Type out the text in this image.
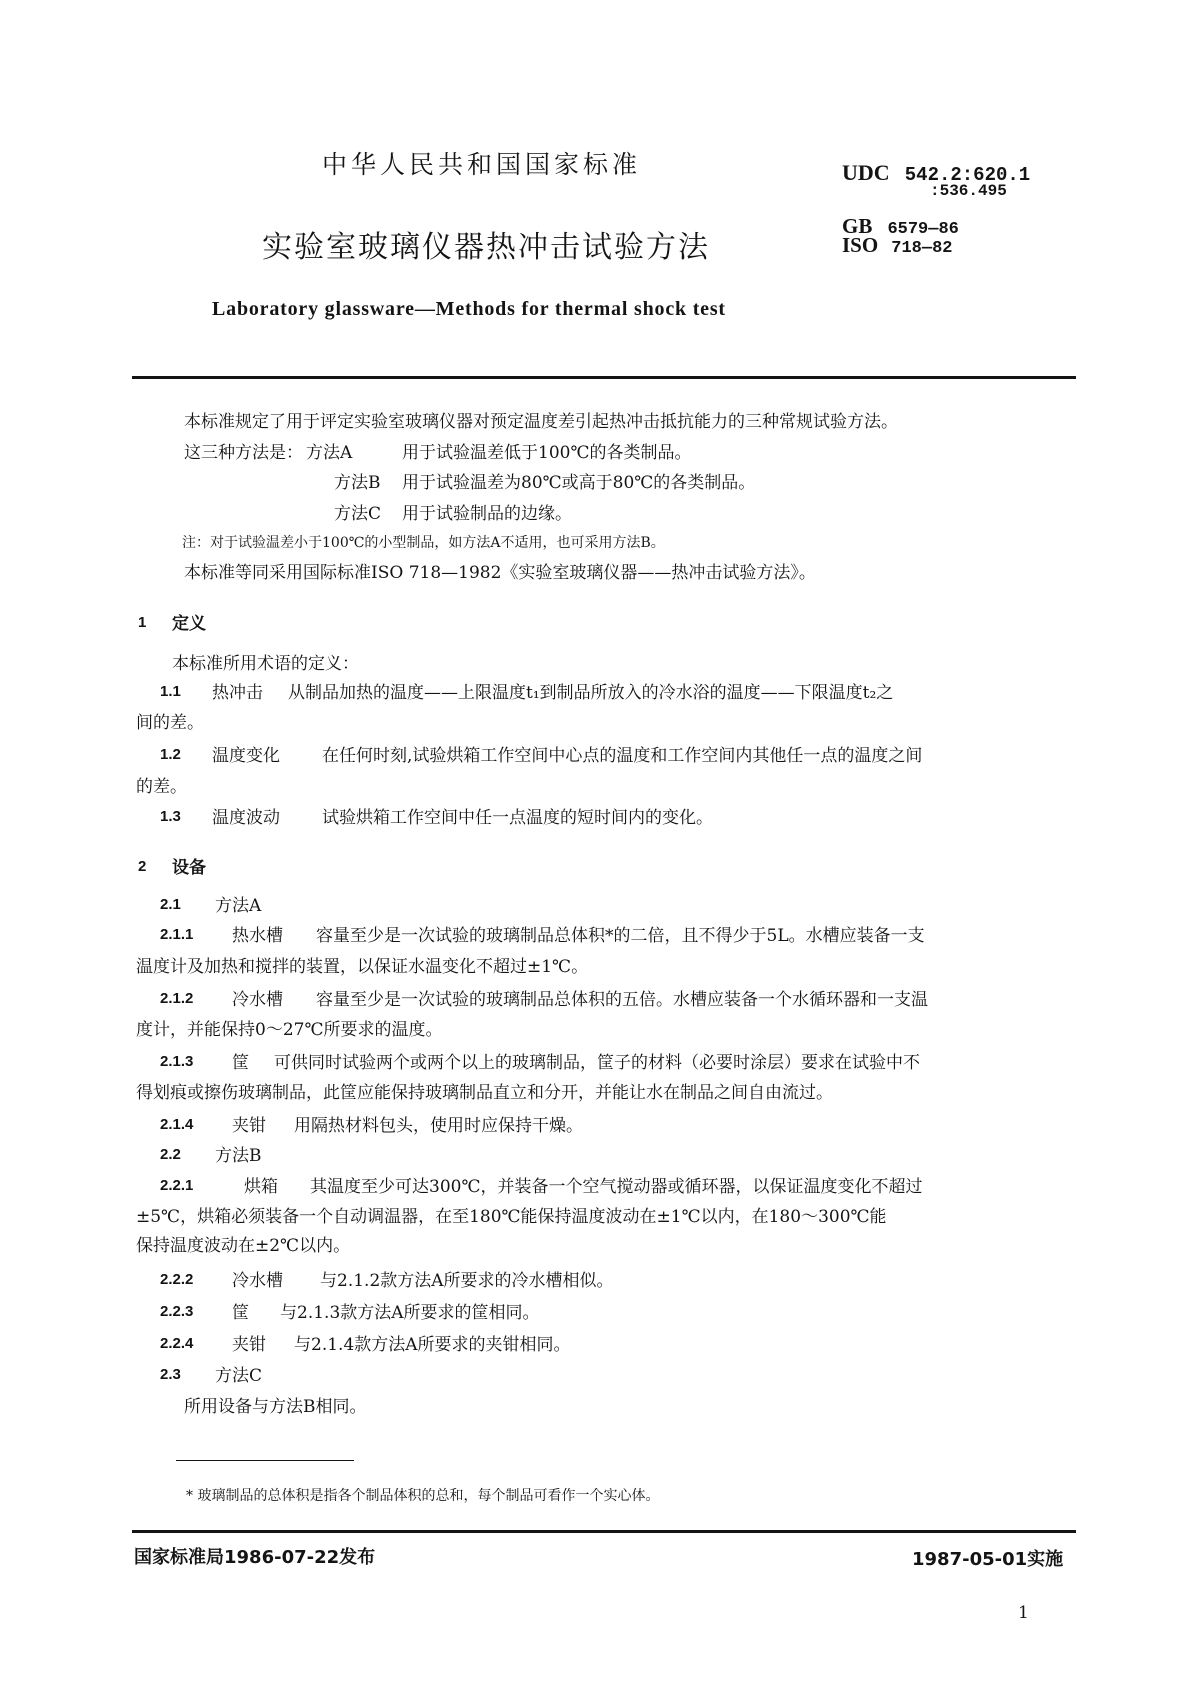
中华人民共和国国家标准	UDC 542.2:620.1
:536.495
GB 6579—86
ISO 718—82
实验室玻璃仪器热冲击试验方法
Laboratory glassware—Methods for thermal shock test
本标准规定了用于评定实验室玻璃仪器对预定温度差引起热冲击抵抗能力的三种常规试验方法。
这三种方法是： 方法A	用于试验温差低于100℃的各类制品。
方法B 用于试验温差为80℃或高于80℃的各类制品。
方法C 用于试验制品的边缘。
注：对于试验温差小于100℃的小型制品，如方法A不适用，也可采用方法B。
本标准等同采用国际标准ISO 718—1982《实验室玻璃仪器——热冲击试验方法》。
1 定义
本标准所用术语的定义：
1.1 热冲击 从制品加热的温度——上限温度t₁到制品所放入的冷水浴的温度——下限温度t₂之
间的差。
1.2 温度变化 在任何时刻,试验烘箱工作空间中心点的温度和工作空间内其他任一点的温度之间
的差。
1.3 温度波动 试验烘箱工作空间中任一点温度的短时间内的变化。
2 设备
2.1 方法A
2.1.1 热水槽 容量至少是一次试验的玻璃制品总体积*的二倍，且不得少于5L。水槽应装备一支
温度计及加热和搅拌的装置，以保证水温变化不超过±1℃。
2.1.2 冷水槽 容量至少是一次试验的玻璃制品总体积的五倍。水槽应装备一个水循环器和一支温
度计，并能保持0～27℃所要求的温度。
2.1.3 筐 可供同时试验两个或两个以上的玻璃制品，筐子的材料（必要时涂层）要求在试验中不
得划痕或擦伤玻璃制品，此筐应能保持玻璃制品直立和分开，并能让水在制品之间自由流过。
2.1.4 夹钳 用隔热材料包头，使用时应保持干燥。
2.2 方法B
2.2.1	烘箱 其温度至少可达300℃，并装备一个空气搅动器或循环器，以保证温度变化不超过
±5℃，烘箱必须装备一个自动调温器，在至180℃能保持温度波动在±1℃以内，在180～300℃能
保持温度波动在±2℃以内。
2.2.2 冷水槽 与2.1.2款方法A所要求的冷水槽相似。
2.2.3 筐 与2.1.3款方法A所要求的筐相同。
2.2.4 夹钳 与2.1.4款方法A所要求的夹钳相同。
2.3 方法C
所用设备与方法B相同。
* 玻璃制品的总体积是指各个制品体积的总和，每个制品可看作一个实心体。
国家标准局1986-07-22发布	1987-05-01实施
1
